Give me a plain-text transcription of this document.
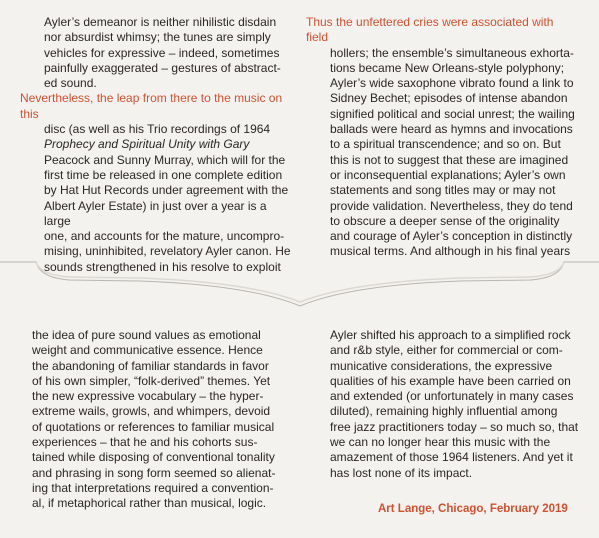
Ayler’s demeanor is neither nihilistic disdain

nor absurdist whimsy; the tunes are simply

vehicles for expressive – indeed, sometimes

painfully exaggerated – gestures of abstract-

ed sound.

Nevertheless, the leap from there to the music on this

disc (as well as his Trio recordings of 1964

Prophecy and Spiritual Unity with Gary

Peacock and Sunny Murray, which will for the

first time be released in one complete edition

by Hat Hut Records under agreement with the

Albert Ayler Estate) in just over a year is a large

one, and accounts for the mature, uncompro-

mising, uninhibited, revelatory Ayler canon. He

sounds strengthened in his resolve to exploit

Thus the unfettered cries were associated with field

hollers; the ensemble’s simultaneous exhorta-

tions became New Orleans-style polyphony;

Ayler’s wide saxophone vibrato found a link to

Sidney Bechet; episodes of intense abandon

signified political and social unrest; the wailing

ballads were heard as hymns and invocations

to a spiritual transcendence; and so on. But

this is not to suggest that these are imagined

or inconsequential explanations; Ayler’s own

statements and song titles may or may not

provide validation. Nevertheless, they do tend

to obscure a deeper sense of the originality

and courage of Ayler’s conception in distinctly

musical terms. And although in his final years

the idea of pure sound values as emotional

weight and communicative essence. Hence

the abandoning of familiar standards in favor

of his own simpler, “folk-derived” themes. Yet

the new expressive vocabulary – the hyper-

extreme wails, growls, and whimpers, devoid

of quotations or references to familiar musical

experiences – that he and his cohorts sus-

tained while disposing of conventional tonality

and phrasing in song form seemed so alienat-

ing that interpretations required a convention-

al, if metaphorical rather than musical, logic.

Ayler shifted his approach to a simplified rock

and r&b style, either for commercial or com-

municative considerations, the expressive

qualities of his example have been carried on

and extended (or unfortunately in many cases

diluted), remaining highly influential among

free jazz practitioners today – so much so, that

we can no longer hear this music with the

amazement of those 1964 listeners. And yet it

has lost none of its impact.

Art Lange, Chicago, February 2019
